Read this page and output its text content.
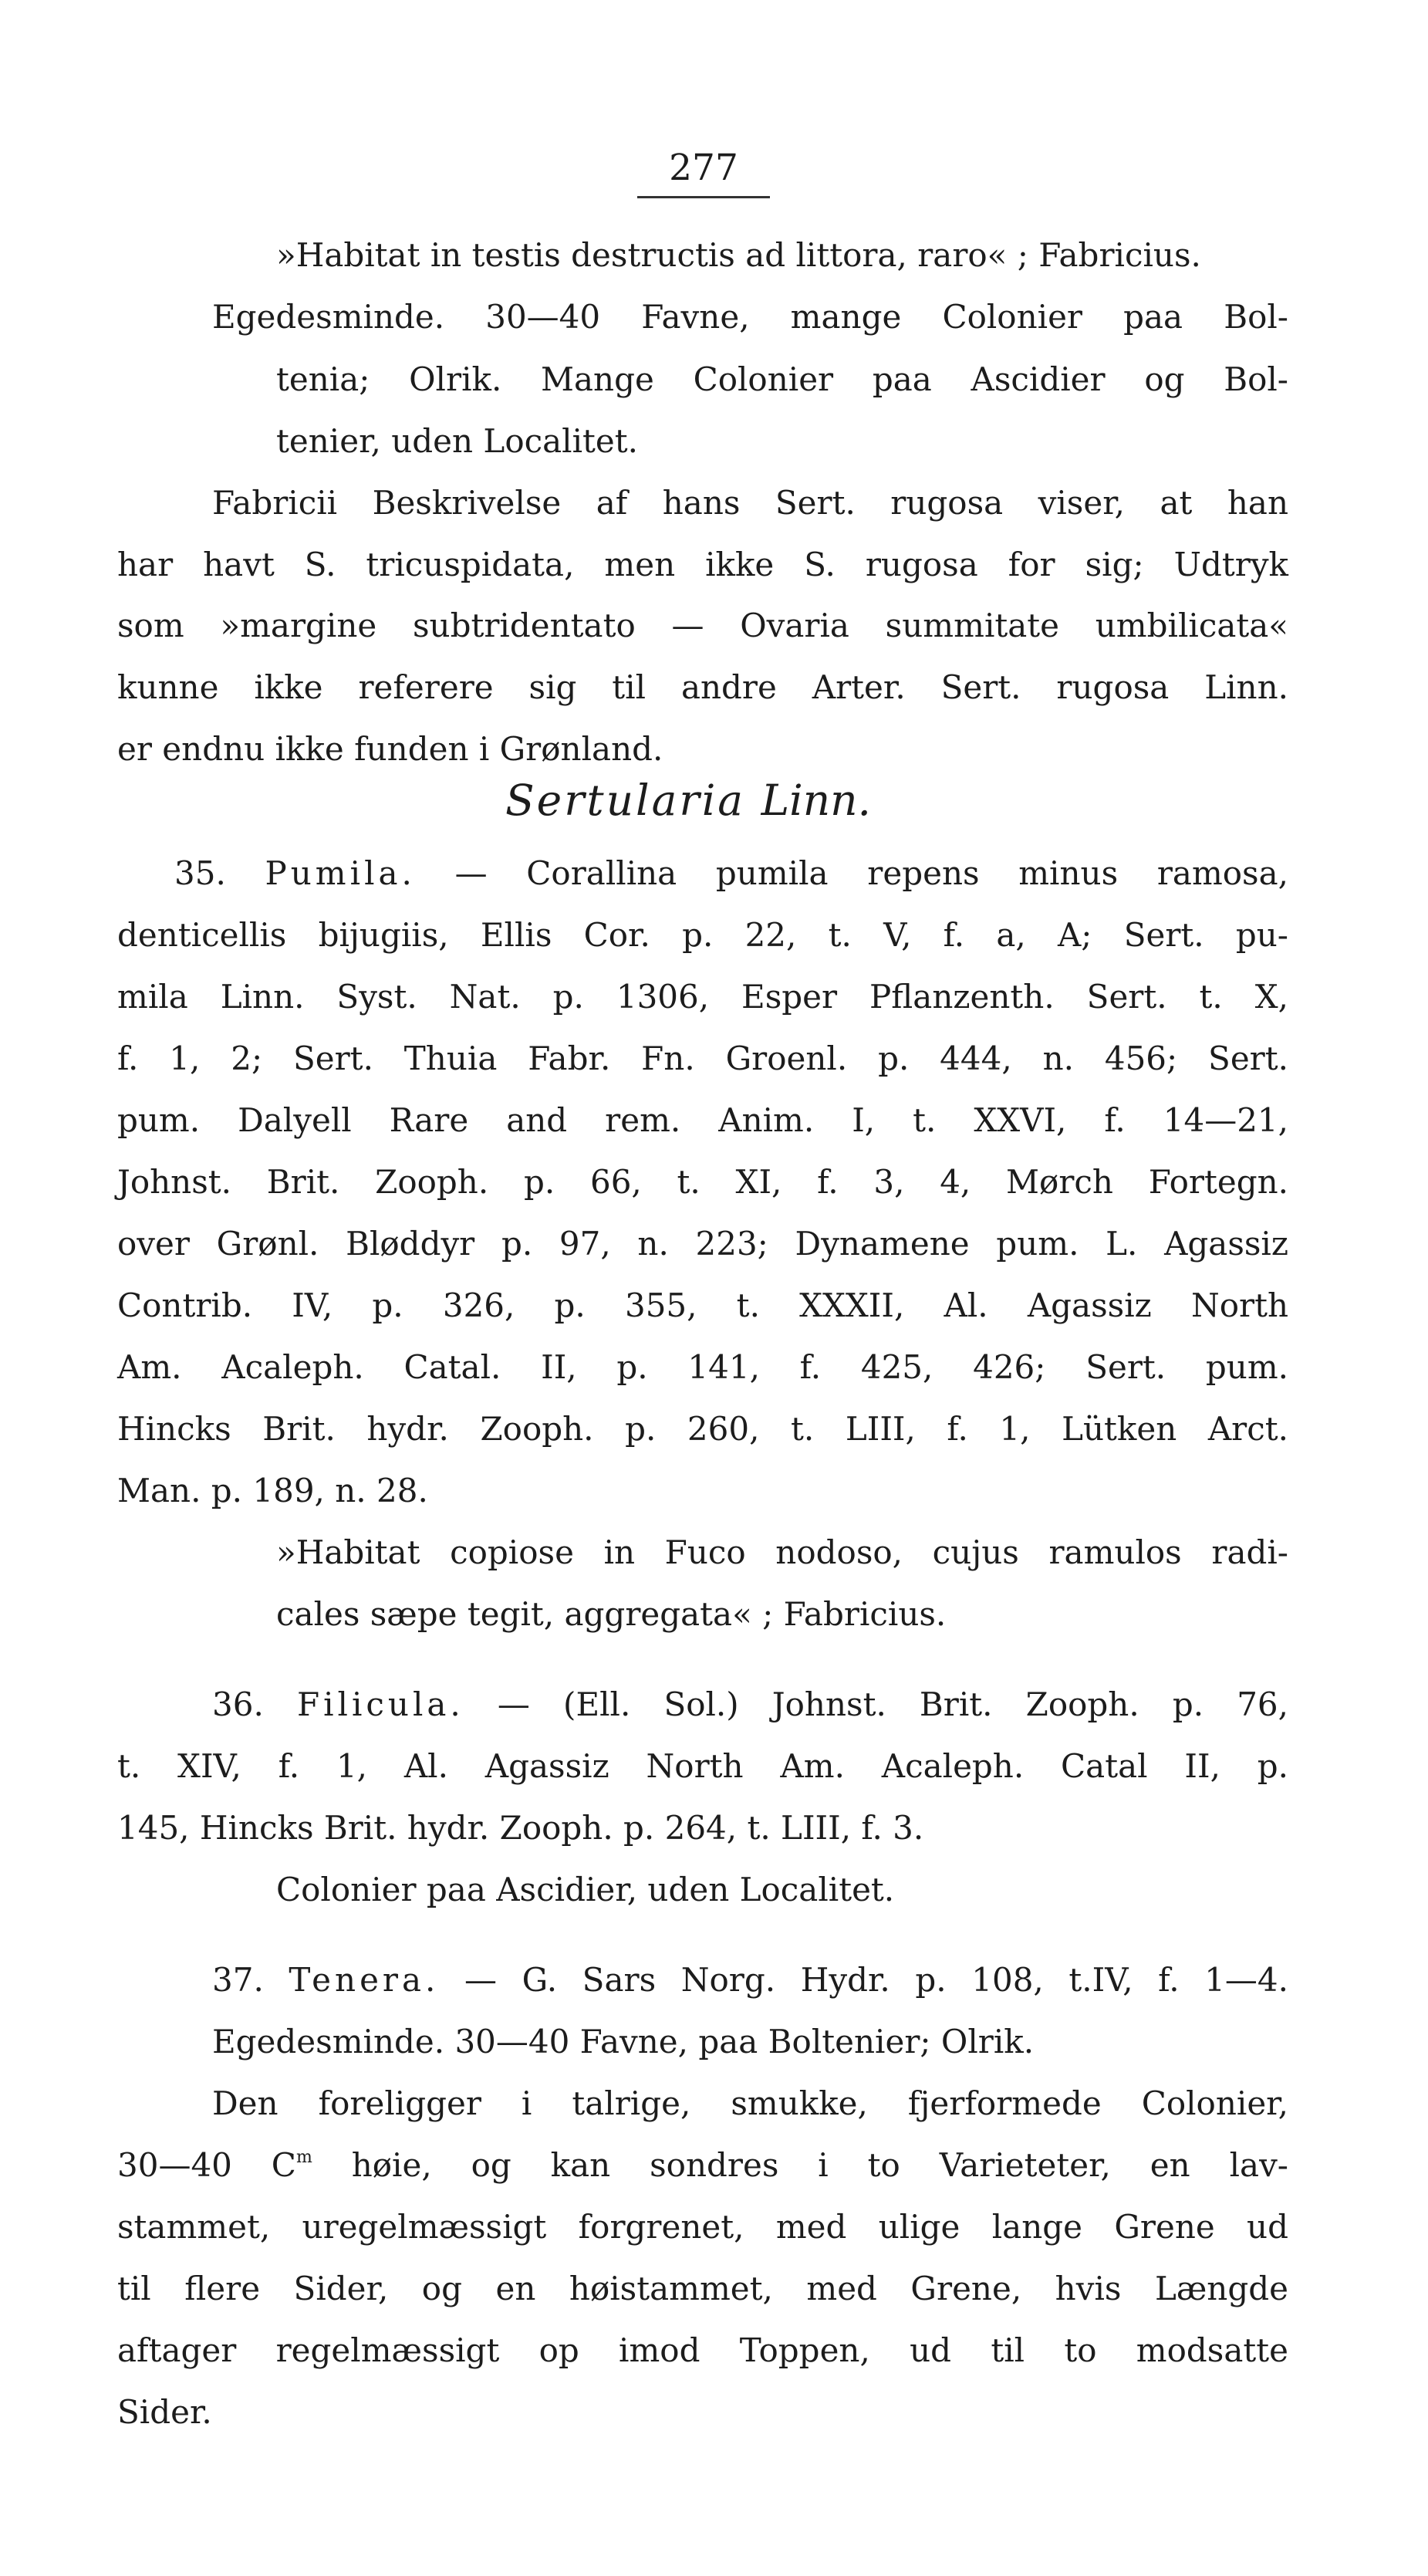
277
»Habitat in testis destructis ad littora, raro« ; Fabricius.
Egedesminde. 30—40 Favne, mange Colonier paa Bol-
tenia; Olrik. Mange Colonier paa Ascidier og Bol-
tenier, uden Localitet.
Fabricii Beskrivelse af hans Sert. rugosa viser, at han
har havt S. tricuspidata, men ikke S. rugosa for sig; Udtryk
som »margine subtridentato — Ovaria summitate umbilicata«
kunne ikke referere sig til andre Arter. Sert. rugosa Linn.
er endnu ikke funden i Grønland.
Sertularia Linn.
35. Pumila. — Corallina pumila repens minus ramosa,
denticellis bijugiis, Ellis Cor. p. 22, t. V, f. a, A; Sert. pu-
mila Linn. Syst. Nat. p. 1306, Esper Pflanzenth. Sert. t. X,
f. 1, 2; Sert. Thuia Fabr. Fn. Groenl. p. 444, n. 456; Sert.
pum. Dalyell Rare and rem. Anim. I, t. XXVI, f. 14—21,
Johnst. Brit. Zooph. p. 66, t. XI, f. 3, 4, Mørch Fortegn.
over Grønl. Bløddyr p. 97, n. 223; Dynamene pum. L. Agassiz
Contrib. IV, p. 326, p. 355, t. XXXII, Al. Agassiz North
Am. Acaleph. Catal. II, p. 141, f. 425, 426; Sert. pum.
Hincks Brit. hydr. Zooph. p. 260, t. LIII, f. 1, Lütken Arct.
Man. p. 189, n. 28.
»Habitat copiose in Fuco nodoso, cujus ramulos radi-
cales sæpe tegit, aggregata« ; Fabricius.
36. Filicula. — (Ell. Sol.) Johnst. Brit. Zooph. p. 76,
t. XIV, f. 1, Al. Agassiz North Am. Acaleph. Catal II, p.
145, Hincks Brit. hydr. Zooph. p. 264, t. LIII, f. 3.
Colonier paa Ascidier, uden Localitet.
37. Tenera. — G. Sars Norg. Hydr. p. 108, t.IV, f. 1—4.
Egedesminde. 30—40 Favne, paa Boltenier; Olrik.
Den foreligger i talrige, smukke, fjerformede Colonier,
30—40 $C^m$ høie, og kan sondres i to Varieteter, en lav-
stammet, uregelmæssigt forgrenet, med ulige lange Grene ud
til flere Sider, og en høistammet, med Grene, hvis Længde
aftager regelmæssigt op imod Toppen, ud til to modsatte
Sider.
